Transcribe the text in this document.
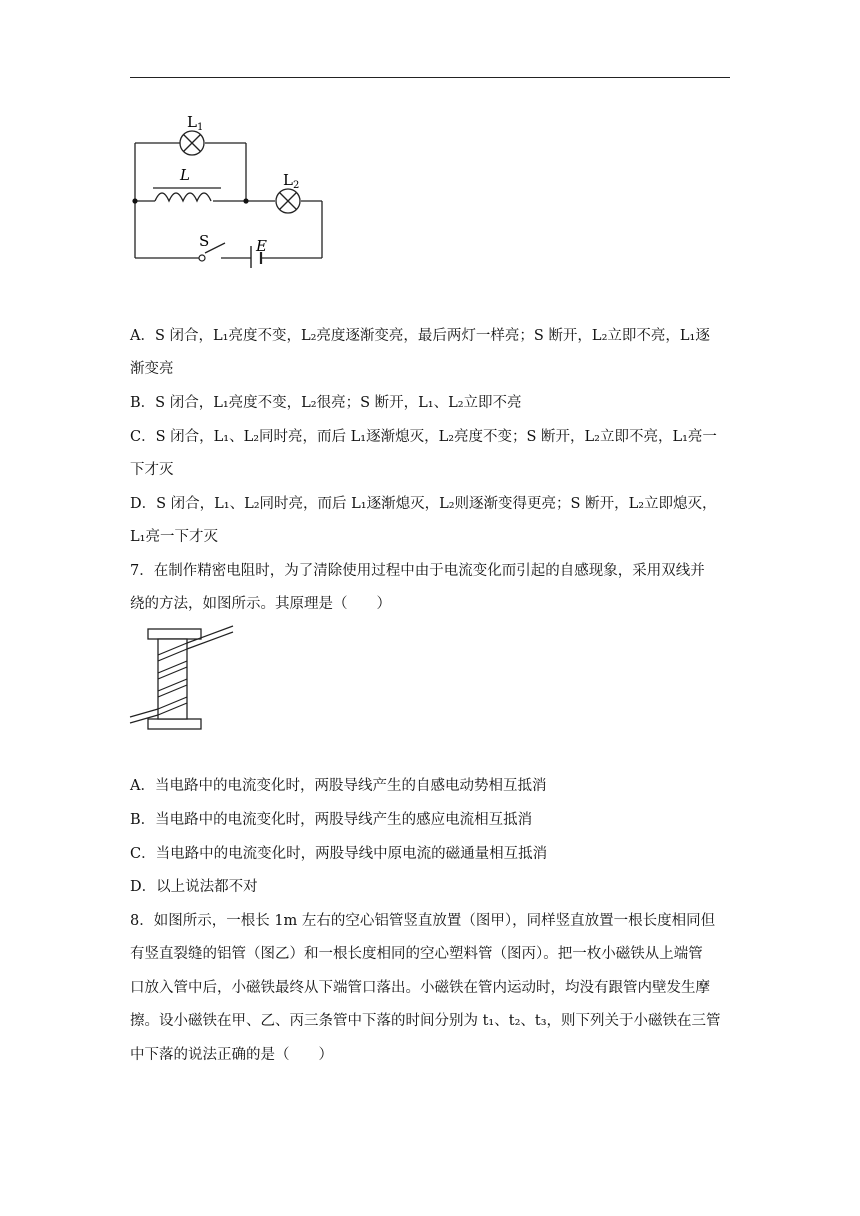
$L_1$
L	$L_2$
S	E
A．S 闭合，L₁亮度不变，L₂亮度逐渐变亮，最后两灯一样亮；S 断开，L₂立即不亮，L₁逐
渐变亮
B．S 闭合，L₁亮度不变，L₂很亮；S 断开，L₁、L₂立即不亮
C．S 闭合，L₁、L₂同时亮，而后 L₁逐渐熄灭，L₂亮度不变；S 断开，L₂立即不亮，L₁亮一
下才灭
D．S 闭合，L₁、L₂同时亮，而后 L₁逐渐熄灭，L₂则逐渐变得更亮；S 断开，L₂立即熄灭，
L₁亮一下才灭
7．在制作精密电阻时，为了清除使用过程中由于电流变化而引起的自感现象，采用双线并
绕的方法，如图所示。其原理是（　　）
A．当电路中的电流变化时，两股导线产生的自感电动势相互抵消
B．当电路中的电流变化时，两股导线产生的感应电流相互抵消
C．当电路中的电流变化时，两股导线中原电流的磁通量相互抵消
D．以上说法都不对
8．如图所示，一根长 1m 左右的空心铝管竖直放置（图甲），同样竖直放置一根长度相同但
有竖直裂缝的铝管（图乙）和一根长度相同的空心塑料管（图丙）。把一枚小磁铁从上端管
口放入管中后，小磁铁最终从下端管口落出。小磁铁在管内运动时，均没有跟管内壁发生摩
擦。设小磁铁在甲、乙、丙三条管中下落的时间分别为 t₁、t₂、t₃，则下列关于小磁铁在三管
中下落的说法正确的是（　　）
